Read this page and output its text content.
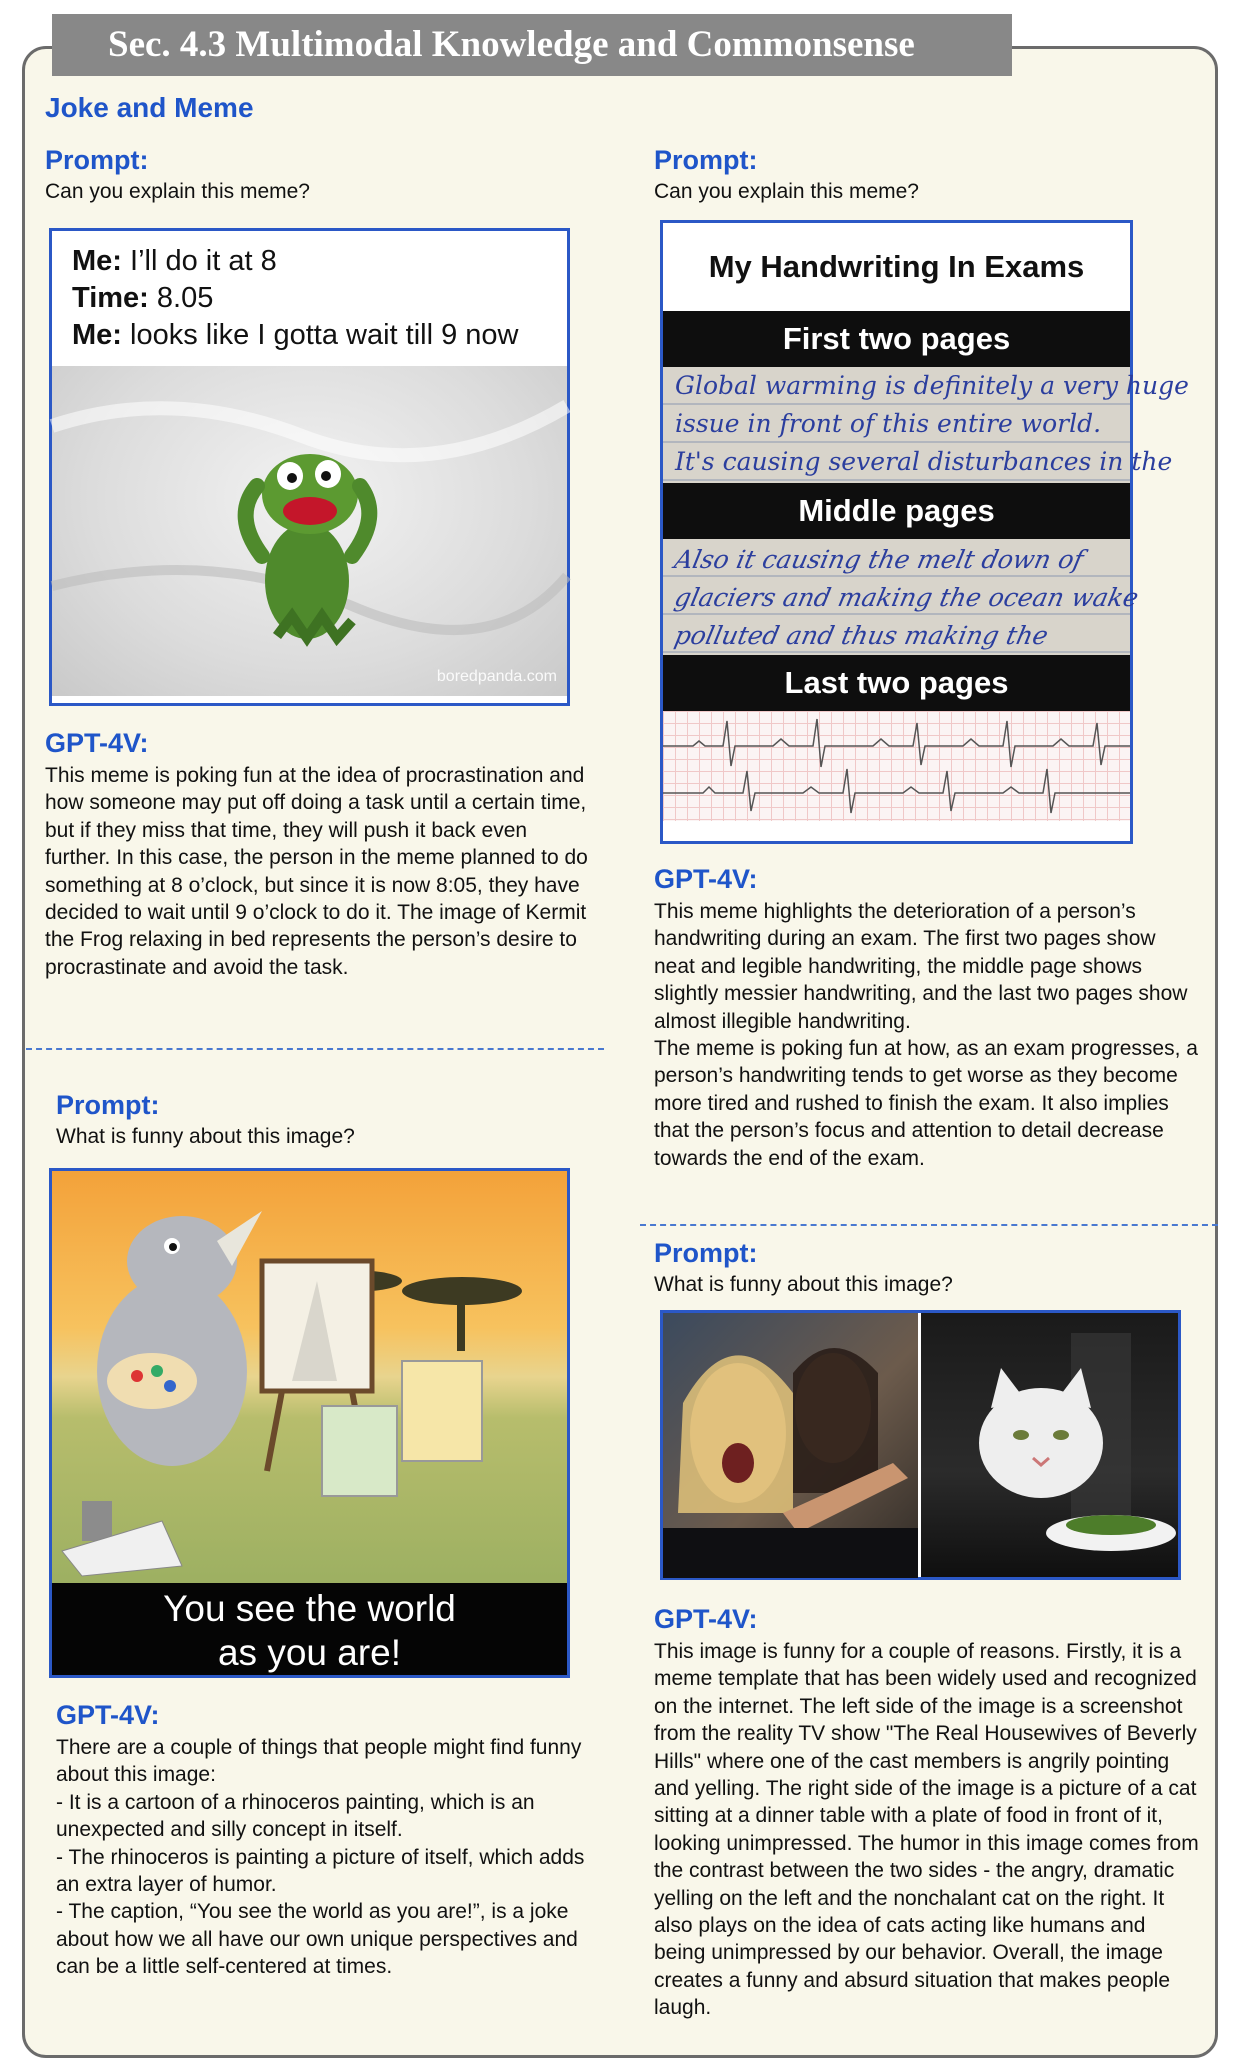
Sec. 4.3 Multimodal Knowledge and Commonsense
Joke and Meme
Prompt:
Can you explain this meme?
Me: I’ll do it at 8
Time: 8.05
Me: looks like I gotta wait till 9 now
boredpanda.com
GPT-4V:
This meme is poking fun at the idea of procrastination and how someone may put off doing a task until a certain time, but if they miss that time, they will push it back even further. In this case, the person in the meme planned to do something at 8 o’clock, but since it is now 8:05, they have decided to wait until 9 o’clock to do it. The image of Kermit the Frog relaxing in bed represents the person’s desire to procrastinate and avoid the task.
Prompt:
Can you explain this meme?
My Handwriting In Exams
First two pages
Global warming is definitely a very huge
issue in front of this entire world.
It's causing several disturbances in the
Middle pages
Also it causing the melt down of
glaciers and making the ocean wake
polluted and thus making the
Last two pages
GPT-4V:
This meme highlights the deterioration of a person’s handwriting during an exam. The first two pages show neat and legible handwriting, the middle page shows slightly messier handwriting, and the last two pages show almost illegible handwriting.
The meme is poking fun at how, as an exam progresses, a person’s handwriting tends to get worse as they become more tired and rushed to finish the exam. It also implies that the person’s focus and attention to detail decrease towards the end of the exam.
Prompt:
What is funny about this image?
You see the world
as you are!
GPT-4V:
There are a couple of things that people might find funny about this image:
- It is a cartoon of a rhinoceros painting, which is an unexpected and silly concept in itself.
- The rhinoceros is painting a picture of itself, which adds an extra layer of humor.
- The caption, “You see the world as you are!”, is a joke about how we all have our own unique perspectives and can be a little self-centered at times.
Prompt:
What is funny about this image?
GPT-4V:
This image is funny for a couple of reasons. Firstly, it is a meme template that has been widely used and recognized on the internet. The left side of the image is a screenshot from the reality TV show "The Real Housewives of Beverly Hills" where one of the cast members is angrily pointing and yelling. The right side of the image is a picture of a cat sitting at a dinner table with a plate of food in front of it, looking unimpressed. The humor in this image comes from the contrast between the two sides - the angry, dramatic yelling on the left and the nonchalant cat on the right. It also plays on the idea of cats acting like humans and being unimpressed by our behavior. Overall, the image creates a funny and absurd situation that makes people laugh.
